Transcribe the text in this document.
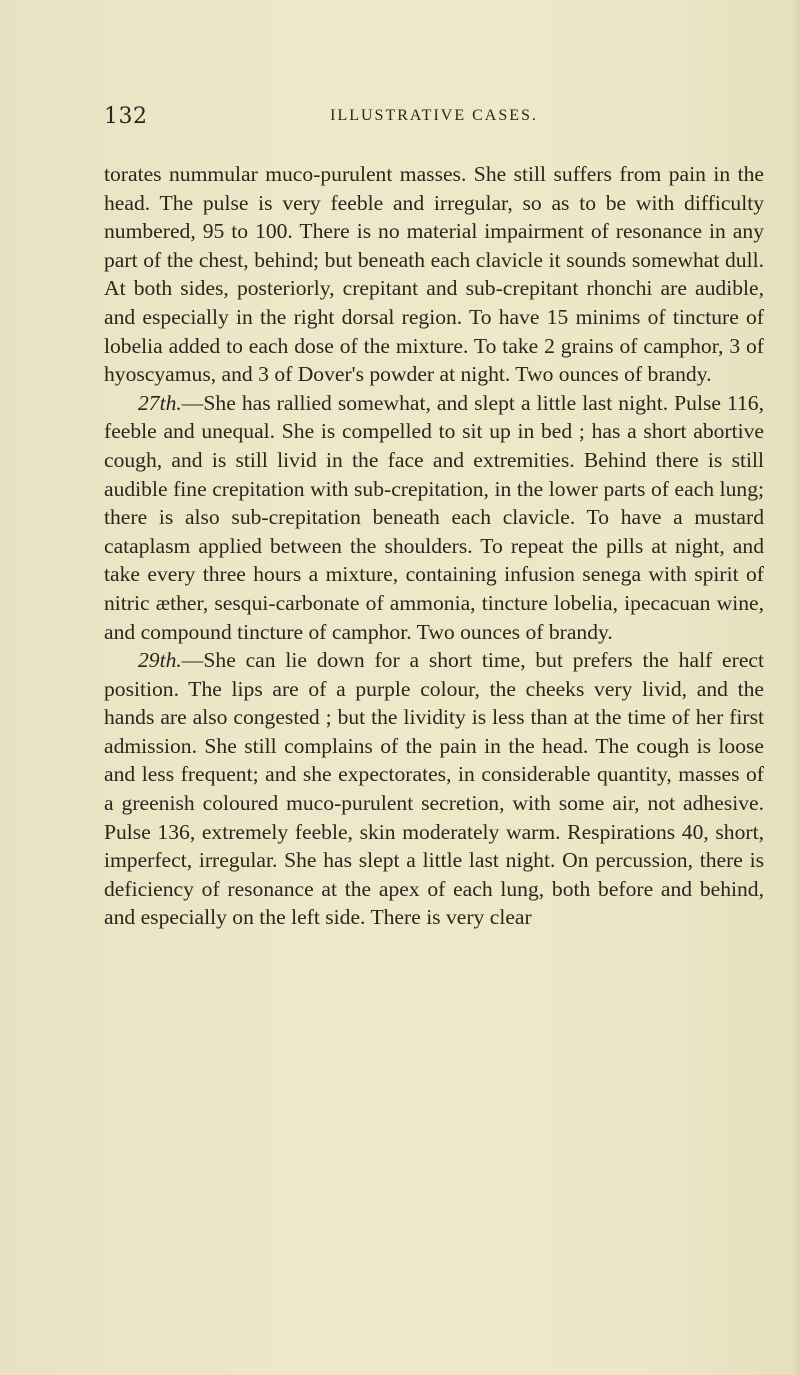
132	ILLUSTRATIVE CASES.

torates nummular muco-purulent masses. She still suffers from pain in the head. The pulse is very feeble and irregular, so as to be with difficulty numbered, 95 to 100. There is no material impairment of resonance in any part of the chest, behind; but beneath each clavicle it sounds somewhat dull. At both sides, posteriorly, crepitant and sub-crepitant rhonchi are audible, and especially in the right dorsal region. To have 15 minims of tincture of lobelia added to each dose of the mixture. To take 2 grains of camphor, 3 of hyoscyamus, and 3 of Dover's powder at night. Two ounces of brandy.

27th.—She has rallied somewhat, and slept a little last night. Pulse 116, feeble and unequal. She is compelled to sit up in bed ; has a short abortive cough, and is still livid in the face and extremities. Behind there is still audible fine crepitation with sub-crepitation, in the lower parts of each lung; there is also sub-crepitation beneath each clavicle. To have a mustard cataplasm applied between the shoulders. To repeat the pills at night, and take every three hours a mixture, containing infusion senega with spirit of nitric æther, sesqui-carbonate of ammonia, tincture lobelia, ipecacuan wine, and compound tincture of camphor. Two ounces of brandy.

29th.—She can lie down for a short time, but prefers the half erect position. The lips are of a purple colour, the cheeks very livid, and the hands are also congested ; but the lividity is less than at the time of her first admission. She still complains of the pain in the head. The cough is loose and less frequent; and she expectorates, in considerable quantity, masses of a greenish coloured muco-purulent secretion, with some air, not adhesive. Pulse 136, extremely feeble, skin moderately warm. Respirations 40, short, imperfect, irregular. She has slept a little last night. On percussion, there is deficiency of resonance at the apex of each lung, both before and behind, and especially on the left side. There is very clear
